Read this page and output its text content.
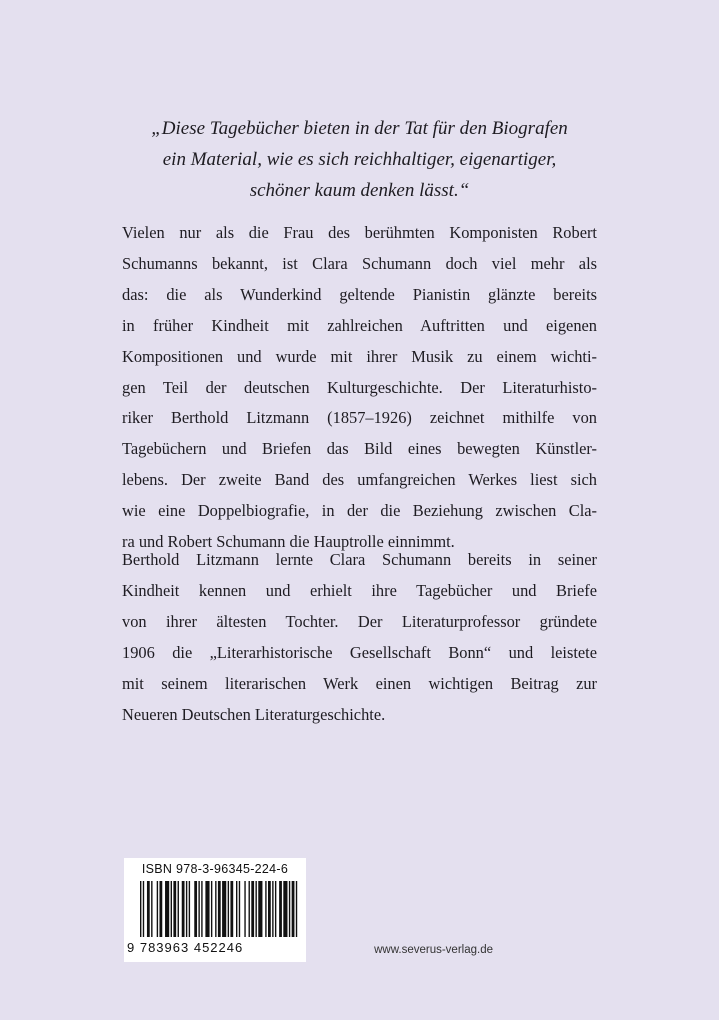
„Diese Tagebücher bieten in der Tat für den Biografen
ein Material, wie es sich reichhaltiger, eigenartiger,
schöner kaum denken lässt.“
Vielen nur als die Frau des berühmten Komponisten Robert
Schumanns bekannt, ist Clara Schumann doch viel mehr als
das: die als Wunderkind geltende Pianistin glänzte bereits
in früher Kindheit mit zahlreichen Auftritten und eigenen
Kompositionen und wurde mit ihrer Musik zu einem wichti-
gen Teil der deutschen Kulturgeschichte. Der Literaturhisto-
riker Berthold Litzmann (1857–1926) zeichnet mithilfe von
Tagebüchern und Briefen das Bild eines bewegten Künstler-
lebens. Der zweite Band des umfangreichen Werkes liest sich
wie eine Doppelbiografie, in der die Beziehung zwischen Cla-
ra und Robert Schumann die Hauptrolle einnimmt.
Berthold Litzmann lernte Clara Schumann bereits in seiner
Kindheit kennen und erhielt ihre Tagebücher und Briefe
von ihrer ältesten Tochter. Der Literaturprofessor gründete
1906 die „Literarhistorische Gesellschaft Bonn“ und leistete
mit seinem literarischen Werk einen wichtigen Beitrag zur
Neueren Deutschen Literaturgeschichte.
ISBN 978-3-96345-224-6
9 783963 452246	www.severus-verlag.de
